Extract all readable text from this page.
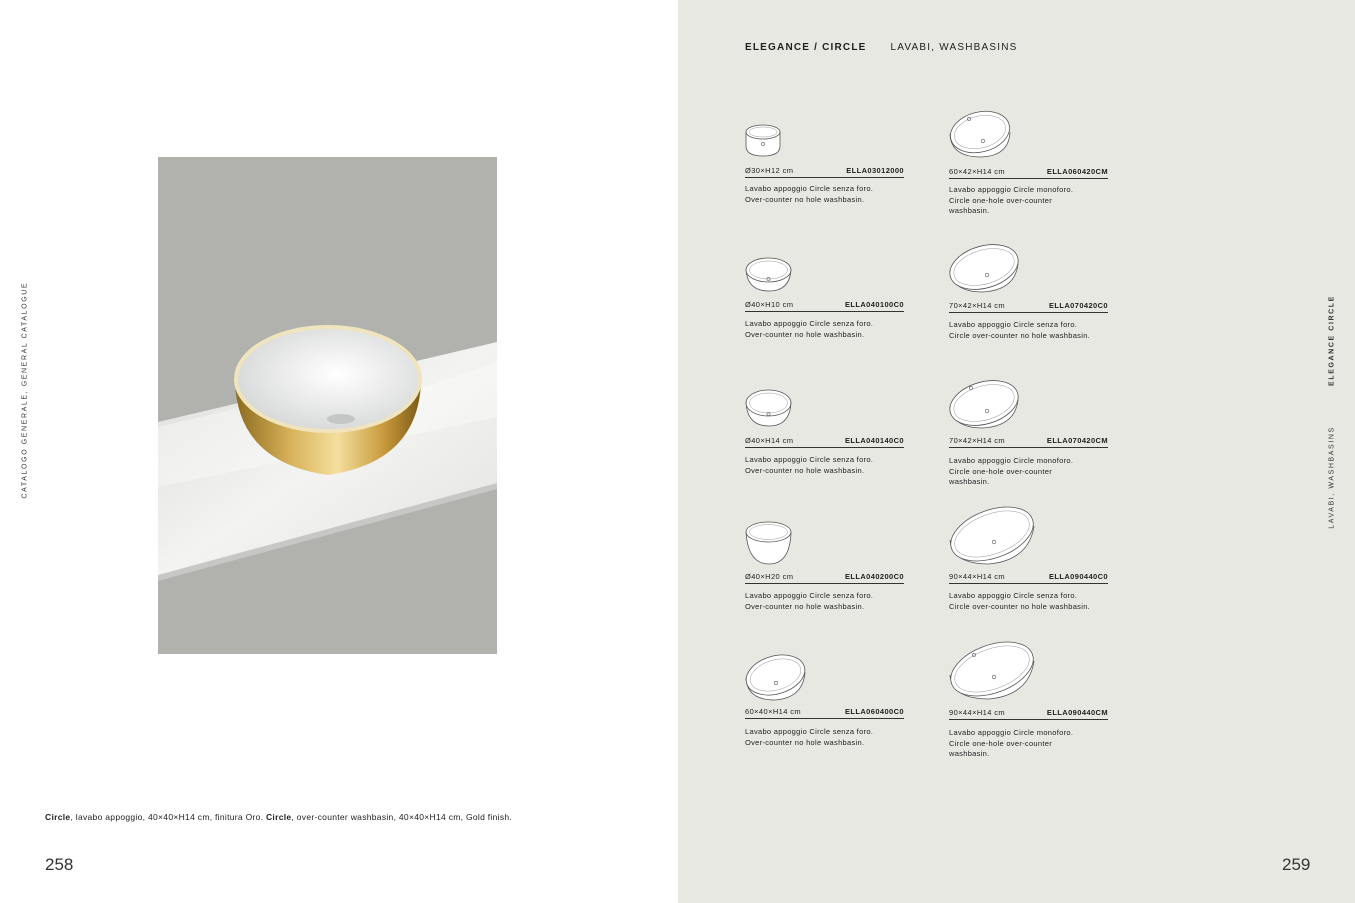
CATALOGO GENERALE, GENERAL CATALOGUE
Circle, lavabo appoggio, 40×40×H14 cm, finitura Oro. Circle, over-counter washbasin, 40×40×H14 cm, Gold finish.
258
ELEGANCE / CIRCLE LAVABI, WASHBASINS
ELEGANCE CIRCLE
LAVABI, WASHBASINS
Ø30×H12 cm	ELLA03012000
Lavabo appoggio Circle senza foro.
Over-counter no hole washbasin.
60×42×H14 cm	ELLA060420CM
Lavabo appoggio Circle monoforo.
Circle one-hole over-counter
washbasin.
Ø40×H10 cm	ELLA040100C0
Lavabo appoggio Circle senza foro.
Over-counter no hole washbasin.
70×42×H14 cm	ELLA070420C0
Lavabo appoggio Circle senza foro.
Circle over-counter no hole washbasin.
Ø40×H14 cm	ELLA040140C0
Lavabo appoggio Circle senza foro.
Over-counter no hole washbasin.
70×42×H14 cm	ELLA070420CM
Lavabo appoggio Circle monoforo.
Circle one-hole over-counter
washbasin.
Ø40×H20 cm	ELLA040200C0
Lavabo appoggio Circle senza foro.
Over-counter no hole washbasin.
90×44×H14 cm	ELLA090440C0
Lavabo appoggio Circle senza foro.
Circle over-counter no hole washbasin.
60×40×H14 cm	ELLA060400C0
Lavabo appoggio Circle senza foro.
Over-counter no hole washbasin.
90×44×H14 cm	ELLA090440CM
Lavabo appoggio Circle monoforo.
Circle one-hole over-counter
washbasin.
259
